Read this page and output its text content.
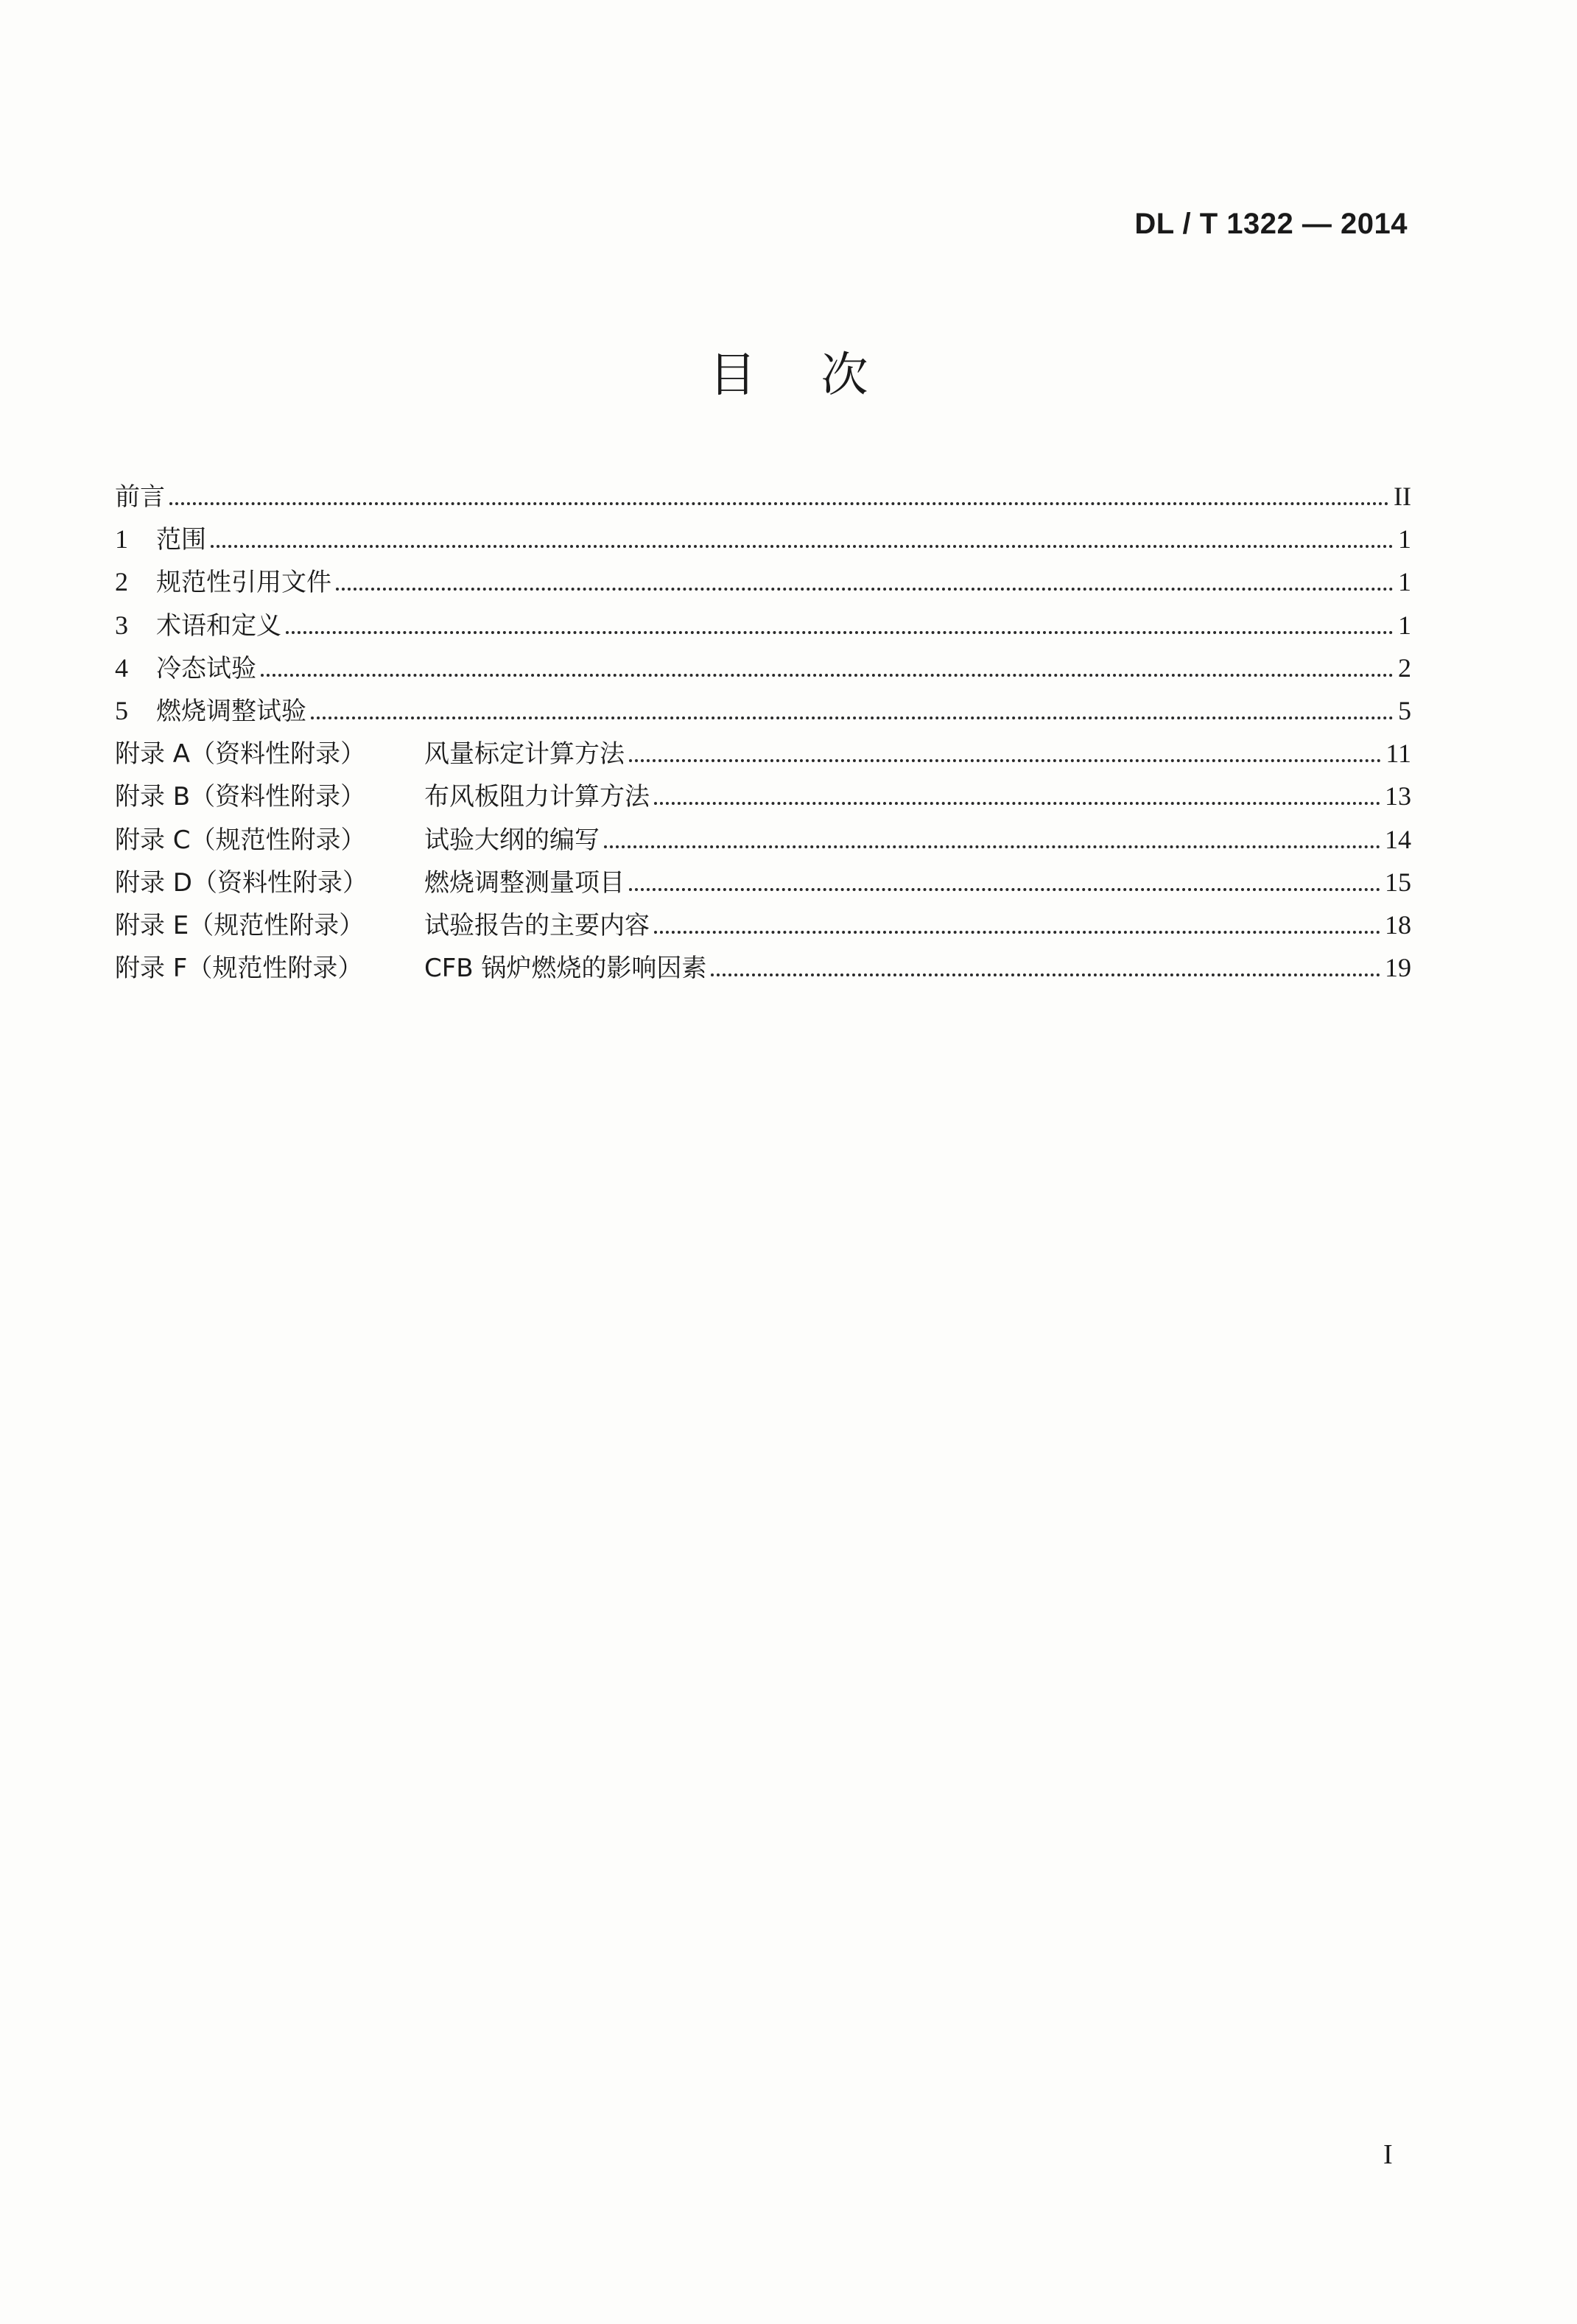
DL / T 1322 — 2014
目次
前言	II
1	范围	1
2	规范性引用文件	1
3	术语和定义	1
4	冷态试验	2
5	燃烧调整试验	5
附录 A（资料性附录）	风量标定计算方法	11
附录 B（资料性附录）	布风板阻力计算方法	13
附录 C（规范性附录）	试验大纲的编写	14
附录 D（资料性附录）	燃烧调整测量项目	15
附录 E（规范性附录）	试验报告的主要内容	18
附录 F（规范性附录）	CFB 锅炉燃烧的影响因素	19
I
